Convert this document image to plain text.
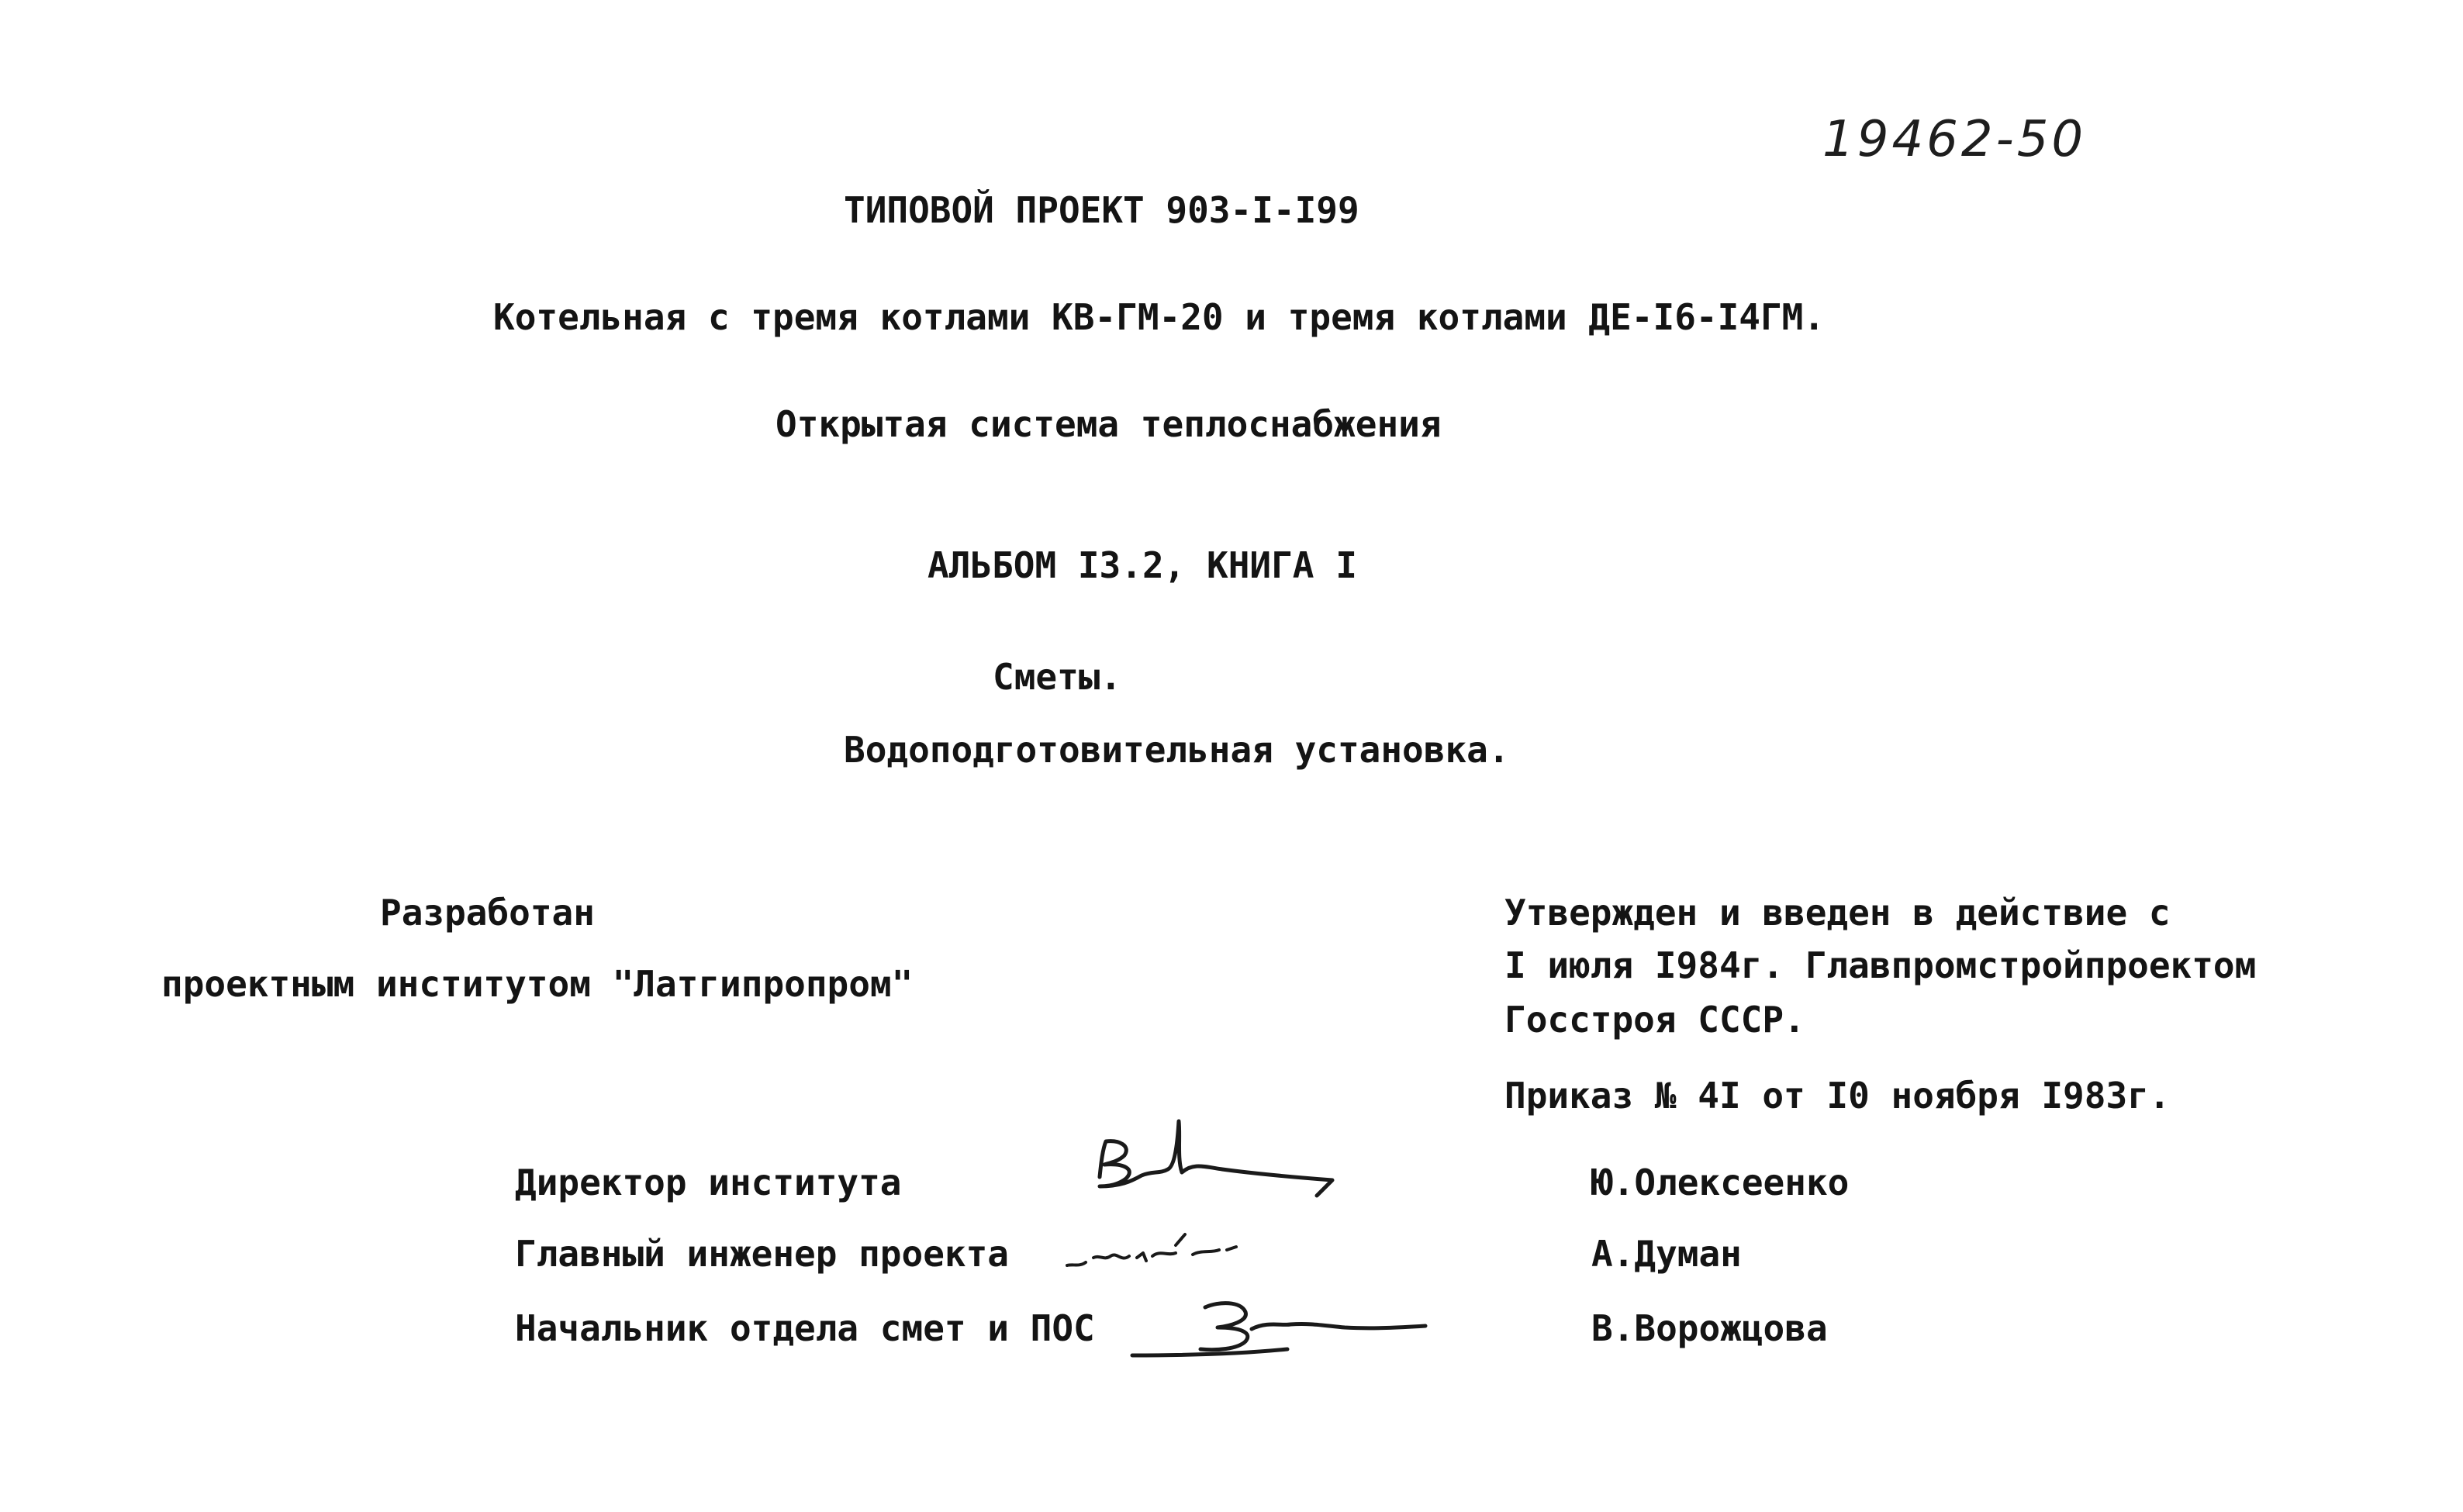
19462-50
ТИПОВОЙ ПРОЕКТ 903-I-I99
Котельная с тремя котлами КВ-ГМ-20 и тремя котлами ДЕ-I6-I4ГМ.
Открытая система теплоснабжения
АЛЬБОМ I3.2, КНИГА I
Сметы.
Водоподготовительная установка.
Разработан
проектным институтом "Латгипропром"
Утвержден и введен в действие с
I июля I984г. Главпромстройпроектом
Госстроя СССР.
Приказ № 4I от I0 ноября I983г.
Директор института
Главный инженер проекта
Начальник отдела смет и ПОС
Ю.Олексеенко
А.Думан
В.Ворожцова
